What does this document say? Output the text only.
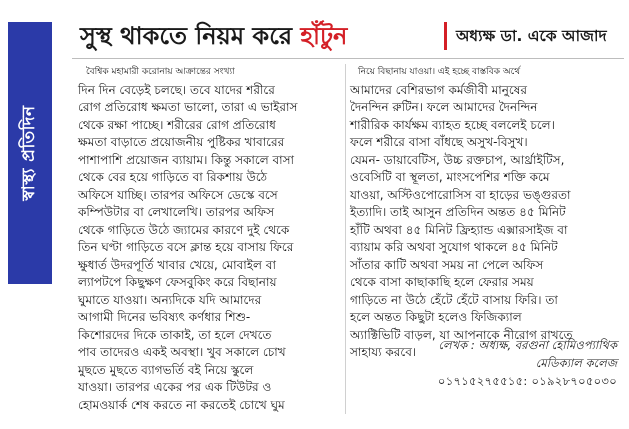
স্বাস্থ্য প্রতিদিন
সুস্থ থাকতে নিয়ম করে হাঁটুন	অধ্যক্ষ ডা. একে আজাদ
বৈশ্বিক মহামারী করোনায় আক্রান্তের সংখ্যা
দিন দিন বেড়েই চলছে। তবে যাদের শরীরে
রোগ প্রতিরোধ ক্ষমতা ভালো, তারা এ ভাইরাস
থেকে রক্ষা পাচ্ছে। শরীরের রোগ প্রতিরোধ
ক্ষমতা বাড়াতে প্রয়োজনীয় পুষ্টিকর খাবারের
পাশাপাশি প্রয়োজন ব্যায়াম। কিন্তু সকালে বাসা
থেকে বের হয়ে গাড়িতে বা রিকশায় উঠে
অফিসে যাচ্ছি। তারপর অফিসে ডেস্কে বসে
কম্পিউটার বা লেখালেখি। তারপর অফিস
থেকে গাড়িতে উঠে জ্যামের কারণে দুই থেকে
তিন ঘণ্টা গাড়িতে বসে ক্লান্ত হয়ে বাসায় ফিরে
ক্ষুধার্ত উদরপূর্তি খাবার খেয়ে, মোবাইল বা
ল্যাপটপে কিছুক্ষণ ফেসবুকিং করে বিছানায়
ঘুমাতে যাওয়া। অন্যদিকে যদি আমাদের
আগামী দিনের ভবিষ্যৎ কর্ণধার শিশু-
কিশোরদের দিকে তাকাই, তা হলে দেখতে
পাব তাদেরও একই অবস্থা। খুব সকালে চোখ
মুছতে মুছতে ব্যাগভর্তি বই নিয়ে স্কুলে
যাওয়া। তারপর একের পর এক টিউটর ও
হোমওয়ার্ক শেষ করতে না করতেই চোখে ঘুম
নিয়ে বিছানায় যাওয়া। এই হচ্ছে বাস্তবিক অর্থে
আমাদের বেশিরভাগ কর্মজীবী মানুষের
দৈনন্দিন রুটিন। ফলে আমাদের দৈনন্দিন
শারীরিক কার্যক্ষম ব্যাহত হচ্ছে বললেই চলে।
ফলে শরীরে বাসা বাঁধছে অসুখ-বিসুখ।
যেমন- ডায়াবেটিস, উচ্চ রক্তচাপ, আর্থ্রাইটিস,
ওবেসিটি বা স্থূলতা, মাংসপেশির শক্তি কমে
যাওয়া, অস্টিওপোরোসিস বা হাড়ের ভঙ্গুরতা
ইত্যাদি। তাই আসুন প্রতিদিন অন্তত ৪৫ মিনিট
হাঁটি অথবা ৪৫ মিনিট ফ্রিহ্যান্ড এক্সারসাইজ বা
ব্যায়াম করি অথবা সুযোগ থাকলে ৪৫ মিনিট
সাঁতার কাটি অথবা সময় না পেলে অফিস
থেকে বাসা কাছাকাছি হলে ফেরার সময়
গাড়িতে না উঠে হেঁটে হেঁটে বাসায় ফিরি। তা
হলে অন্তত কিছুটা হলেও ফিজিক্যাল
অ্যাক্টিভিটি বাড়ল, যা আপনাকে নীরোগ রাখতে
সাহায্য করবে।	লেখক : অধ্যক্ষ, বরগুনা হোমিওপ্যাথিক
মেডিক্যাল কলেজ
০১৭১৫২৭৫৫১৫: ০১৯২৮৭০৫০৩০
